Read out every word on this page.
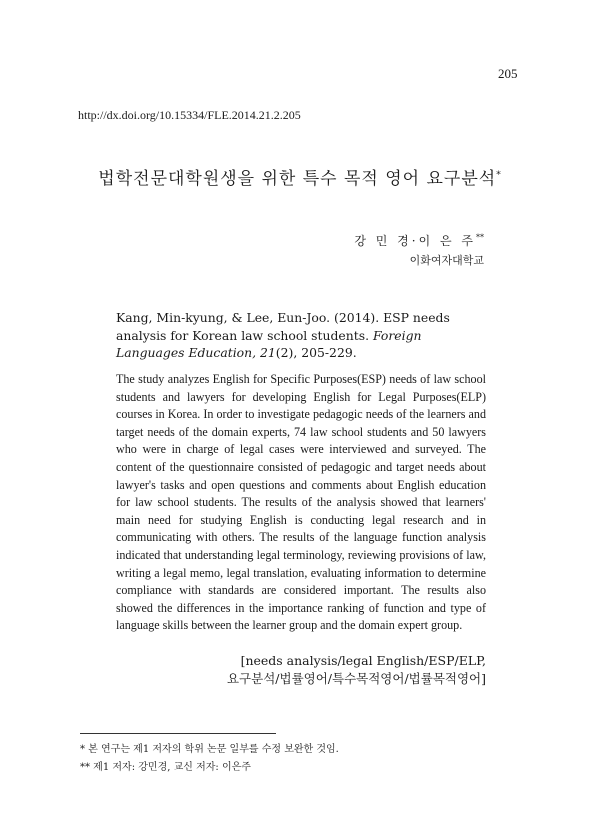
205
http://dx.doi.org/10.15334/FLE.2014.21.2.205
법학전문대학원생을 위한 특수 목적 영어 요구분석*
강 민 경·이 은 주**
이화여자대학교
Kang, Min-kyung, & Lee, Eun-Joo. (2014). ESP needs analysis for Korean law school students. Foreign Languages Education, 21(2), 205-229.
The study analyzes English for Specific Purposes(ESP) needs of law school students and lawyers for developing English for Legal Purposes(ELP) courses in Korea. In order to investigate pedagogic needs of the learners and target needs of the domain experts, 74 law school students and 50 lawyers who were in charge of legal cases were interviewed and surveyed. The content of the questionnaire consisted of pedagogic and target needs about lawyer's tasks and open questions and comments about English education for law school students. The results of the analysis showed that learners' main need for studying English is conducting legal research and in communicating with others. The results of the language function analysis indicated that understanding legal terminology, reviewing provisions of law, writing a legal memo, legal translation, evaluating information to determine compliance with standards are considered important. The results also showed the differences in the importance ranking of function and type of language skills between the learner group and the domain expert group.
[needs analysis/legal English/ESP/ELP,
요구분석/법률영어/특수목적영어/법률목적영어]
* 본 연구는 제1 저자의 학위 논문 일부를 수정 보완한 것임.
** 제1 저자: 강민경, 교신 저자: 이은주
